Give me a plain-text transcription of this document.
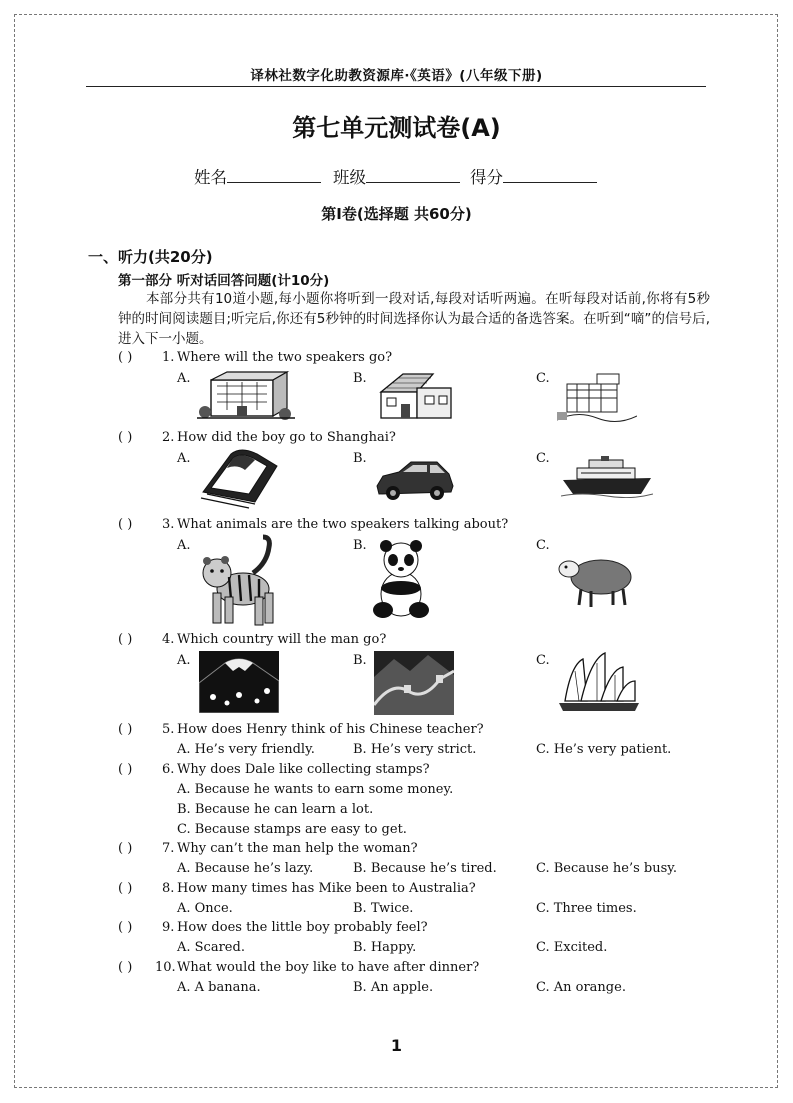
译林社数字化助教资源库·《英语》(八年级下册)
第七单元测试卷(A)
姓名	班级	得分
第Ⅰ卷(选择题 共60分)
一、听力(共20分)
第一部分 听对话回答问题(计10分)
本部分共有10道小题,每小题你将听到一段对话,每段对话听两遍。在听每段对话前,你将有5秒钟的时间阅读题目;听完后,你还有5秒钟的时间选择你认为最合适的备选答案。在听到“嘀”的信号后,进入下一小题。
( ) 1. Where will the two speakers go?
A.	B.	C.
( ) 2. How did the boy go to Shanghai?
A.	B.	C.
( ) 3. What animals are the two speakers talking about?
A.	B.	C.
( ) 4. Which country will the man go?
A.	B.	C.
( ) 5. How does Henry think of his Chinese teacher?
A. He’s very friendly.	B. He’s very strict.	C. He’s very patient.
( ) 6. Why does Dale like collecting stamps?
A. Because he wants to earn some money.
B. Because he can learn a lot.
C. Because stamps are easy to get.
( ) 7. Why can’t the man help the woman?
A. Because he’s lazy.	B. Because he’s tired.	C. Because he’s busy.
( ) 8. How many times has Mike been to Australia?
A. Once.	B. Twice.	C. Three times.
( ) 9. How does the little boy probably feel?
A. Scared.	B. Happy.	C. Excited.
( ) 10. What would the boy like to have after dinner?
A. A banana.	B. An apple.	C. An orange.
1
